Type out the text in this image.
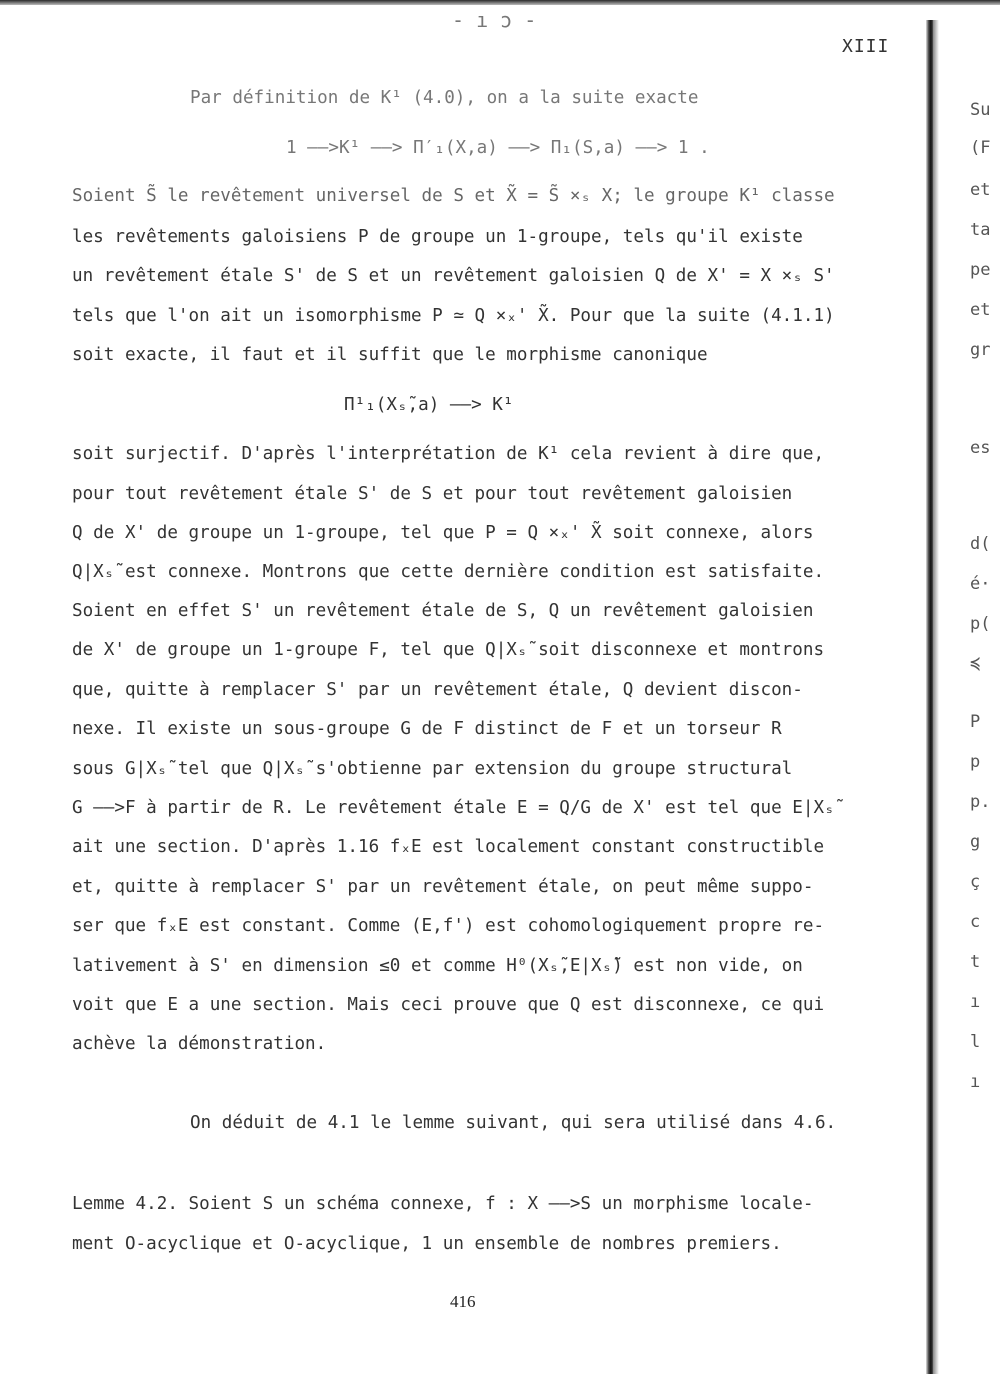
- ı ͻ -
XIII
Su
(F
et
ta
pe
et
gr
es
d(
é·
p(
≼
P
p
p.
g
ç
c
t
ı
l
ı
Par définition de K¹ (4.0), on a la suite exacte
1 ——>K¹ ——> Π′₁(X,a) ——> Π₁(S,a) ——> 1 .
Soient S̃ le revêtement universel de S et X̃ = S̃ ×ₛ X; le groupe K¹ classe
les revêtements galoisiens P de groupe un 1-groupe, tels qu'il existe
un revêtement étale S' de S et un revêtement galoisien Q de X' = X ×ₛ S'
tels que l'on ait un isomorphisme P ≃ Q ×ₓ' X̃. Pour que la suite (4.1.1)
soit exacte, il faut et il suffit que le morphisme canonique
Π¹₁(Xₛ̃,a) ——> K¹
soit surjectif. D'après l'interprétation de K¹ cela revient à dire que,
pour tout revêtement étale S' de S et pour tout revêtement galoisien
Q de X' de groupe un 1-groupe, tel que P = Q ×ₓ' X̃ soit connexe, alors
Q|Xₛ̃ est connexe. Montrons que cette dernière condition est satisfaite.
Soient en effet S' un revêtement étale de S, Q un revêtement galoisien
de X' de groupe un 1-groupe F, tel que Q|Xₛ̃ soit disconnexe et montrons
que, quitte à remplacer S' par un revêtement étale, Q devient discon-
nexe. Il existe un sous-groupe G de F distinct de F et un torseur R
sous G|Xₛ̃ tel que Q|Xₛ̃ s'obtienne par extension du groupe structural
G ——>F à partir de R. Le revêtement étale E = Q/G de X' est tel que E|Xₛ̃
ait une section. D'après 1.16 fₓE est localement constant constructible
et, quitte à remplacer S' par un revêtement étale, on peut même suppo-
ser que fₓE est constant. Comme (E,f') est cohomologiquement propre re-
lativement à S' en dimension ≤0 et comme H⁰(Xₛ̃,E|Xₛ̃) est non vide, on
voit que E a une section. Mais ceci prouve que Q est disconnexe, ce qui
achève la démonstration.
On déduit de 4.1 le lemme suivant, qui sera utilisé dans 4.6.
Lemme 4.2. Soient S un schéma connexe, f : X ——>S un morphisme locale-
ment O-acyclique et O-acyclique, 1 un ensemble de nombres premiers.
416
